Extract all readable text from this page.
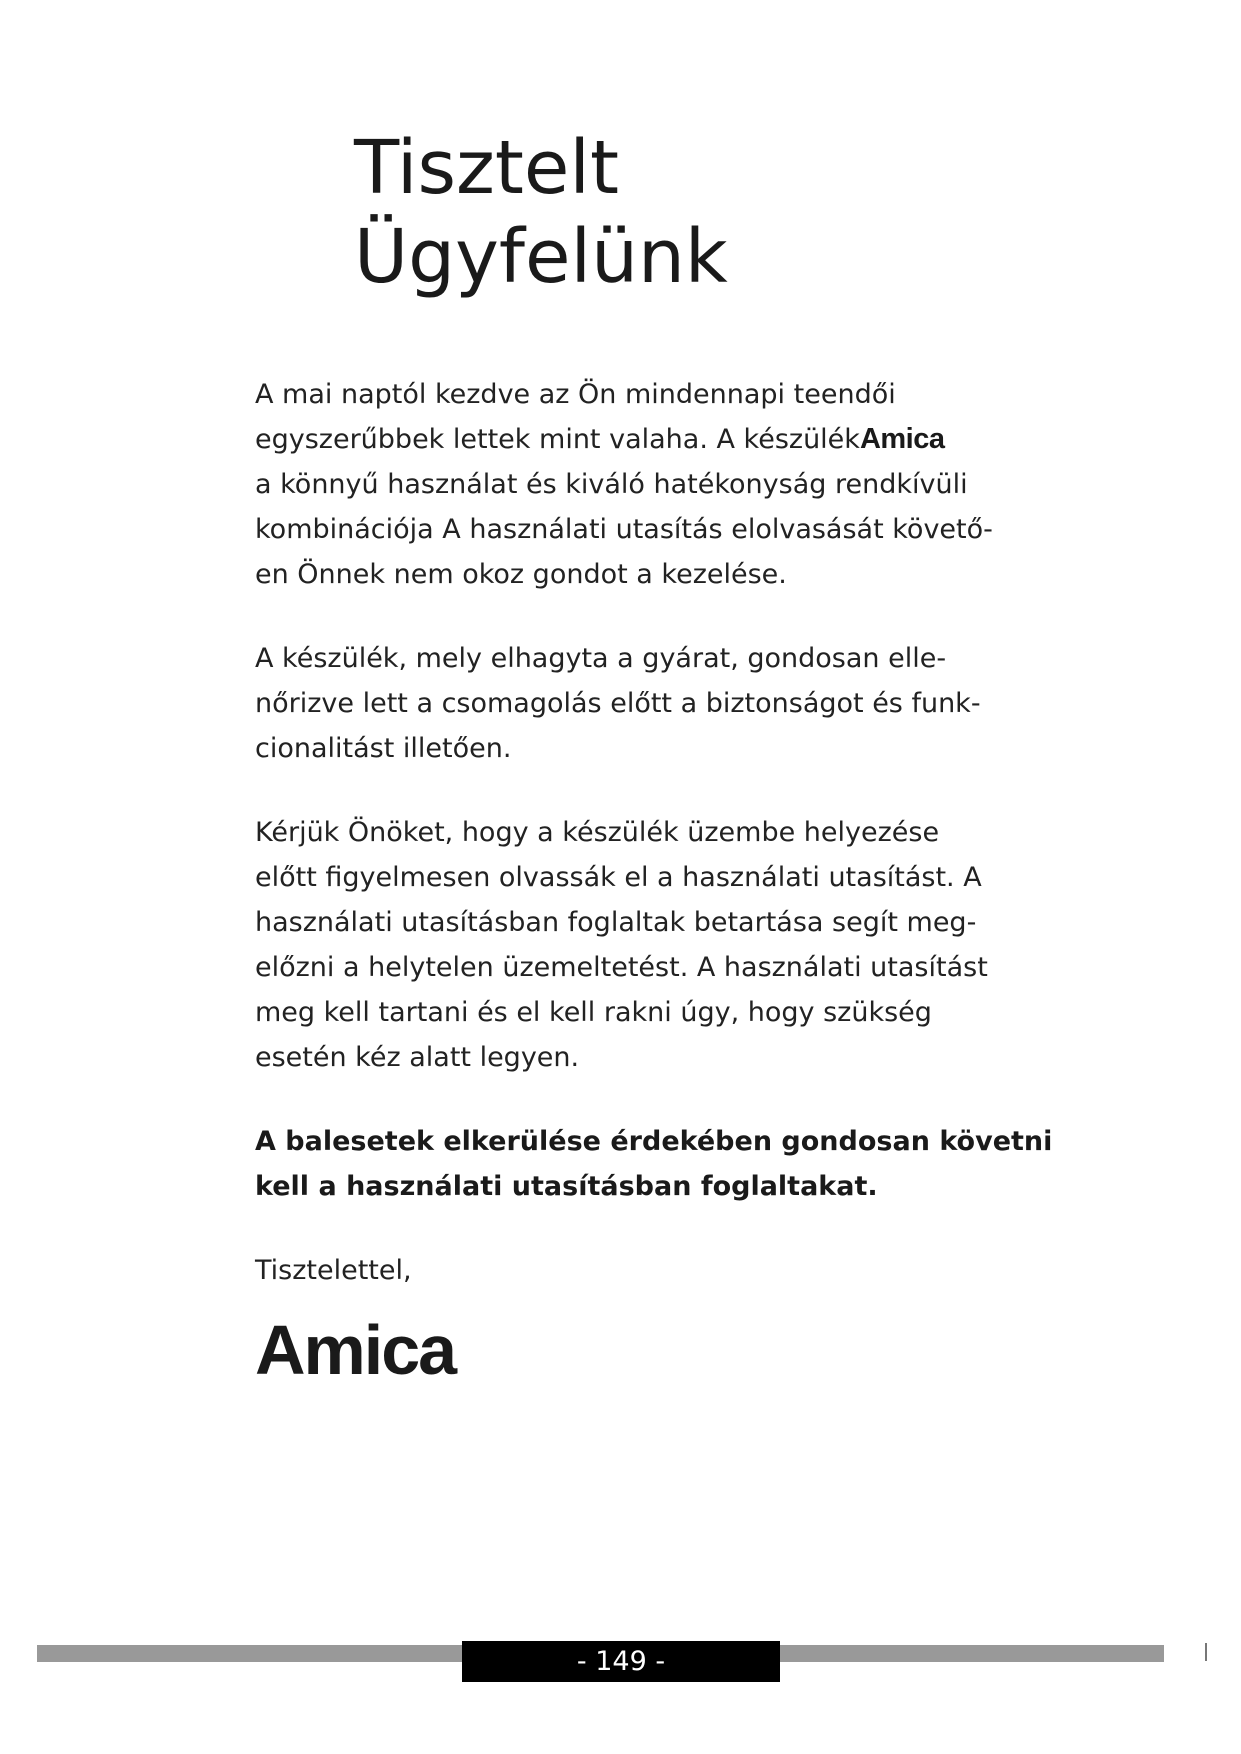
Tisztelt
Ügyfelünk

A mai naptól kezdve az Ön mindennapi teendői
egyszerűbbek lettek mint valaha. A készülékAmica
a könnyű használat és kiváló hatékonyság rendkívüli
kombinációja A használati utasítás elolvasását követő-
en Önnek nem okoz gondot a kezelése.

A készülék, mely elhagyta a gyárat, gondosan elle-
nőrizve lett a csomagolás előtt a biztonságot és funk-
cionalitást illetően.

Kérjük Önöket, hogy a készülék üzembe helyezése
előtt figyelmesen olvassák el a használati utasítást. A
használati utasításban foglaltak betartása segít meg-
előzni a helytelen üzemeltetést. A használati utasítást
meg kell tartani és el kell rakni úgy, hogy szükség
esetén kéz alatt legyen.

A balesetek elkerülése érdekében gondosan követni
kell a használati utasításban foglaltakat.

Tisztelettel,

Amica
- 149 -
